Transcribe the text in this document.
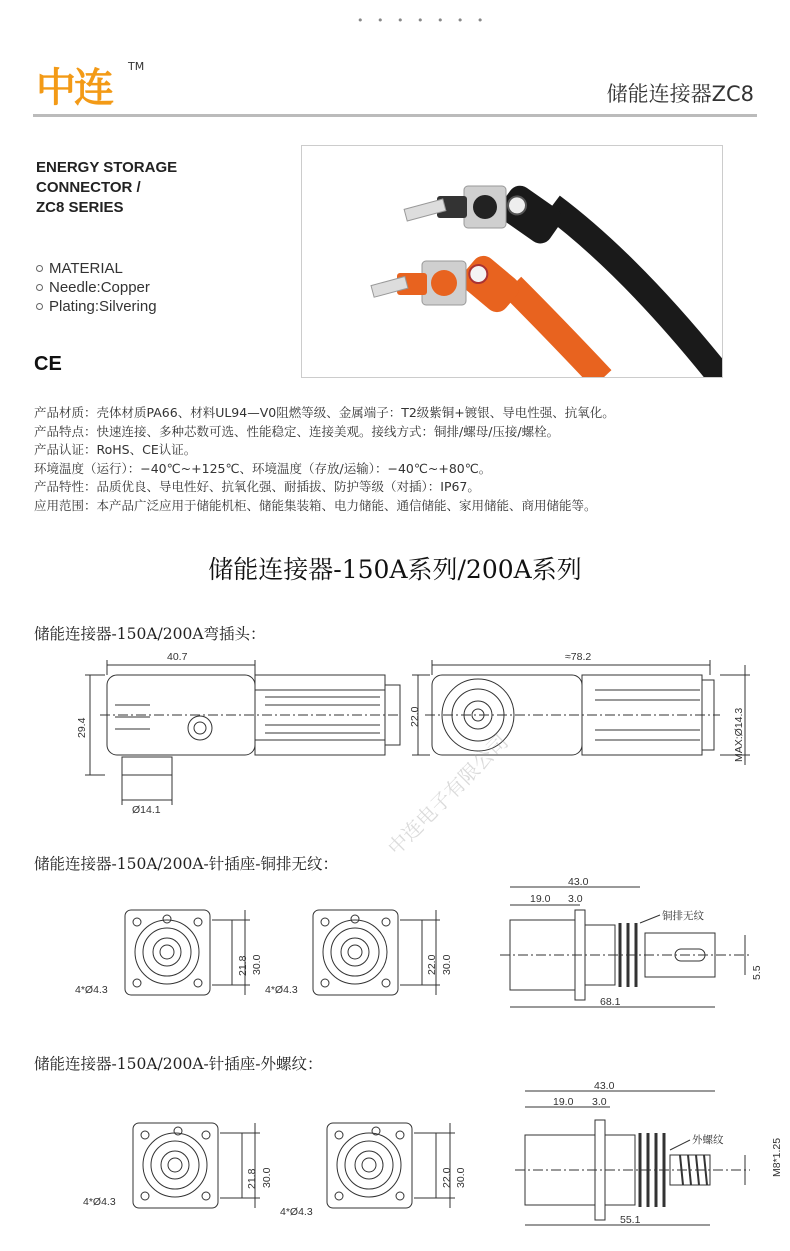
• • • • • • •
中连 TM
储能连接器ZC8
ENERGY STORAGE
CONNECTOR /
ZC8 SERIES
MATERIAL
Needle:Copper
Plating:Silvering
CE
产品材质：壳体材质PA66、材料UL94—V0阻燃等级、金属端子：T2级紫铜+镀银、导电性强、抗氧化。
产品特点：快速连接、多种芯数可选、性能稳定、连接美观。接线方式：铜排/螺母/压接/螺栓。
产品认证：RoHS、CE认证。
环境温度（运行）：−40℃~+125℃、环境温度（存放/运输）：−40℃~+80℃。
产品特性：品质优良、导电性好、抗氧化强、耐插拔、防护等级（对插）：IP67。
应用范围：本产品广泛应用于储能机柜、储能集装箱、电力储能、通信储能、家用储能、商用储能等。
储能连接器-150A系列/200A系列
储能连接器-150A/200A弯插头：
40.7
29.4
Ø14.1
≈78.2
22.0	MAX:Ø14.3
储能连接器-150A/200A-针插座-铜排无纹：
4*Ø4.3
21.8 30.0
4*Ø4.3
22.0 30.0
43.0
19.0 3.0
68.1
5.5
铜排无纹
储能连接器-150A/200A-针插座-外螺纹：
4*Ø4.3
21.8 30.0
4*Ø4.3
22.0 30.0
43.0
19.0 3.0
55.1
M8*1.25
外螺纹
中连电子有限公司
